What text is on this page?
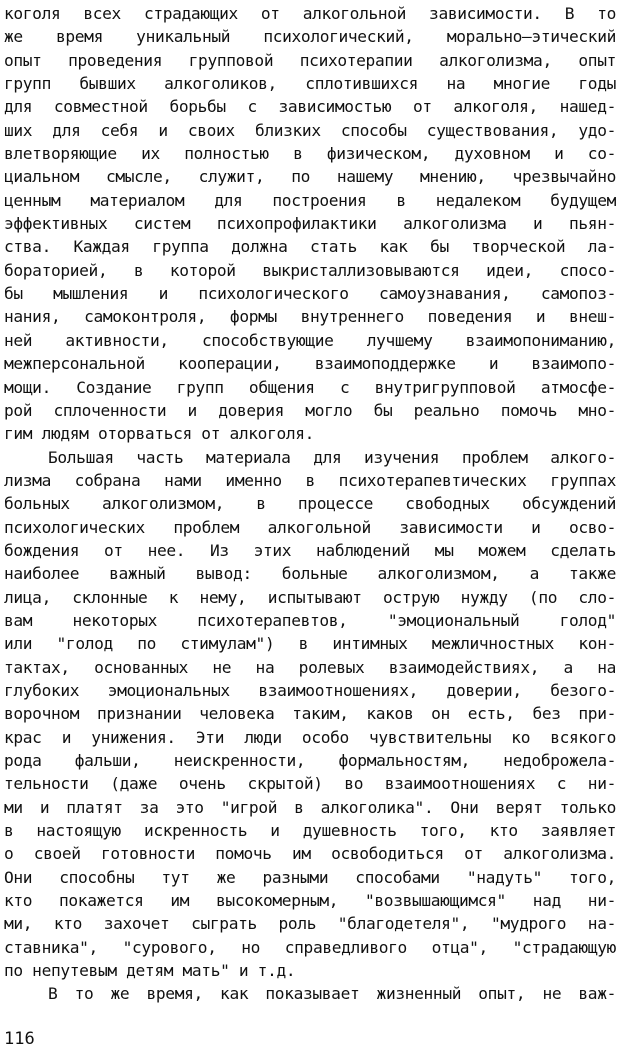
коголя всех страдающих от алкогольной зависимости. В то
же время уникальный психологический, морально—этический
опыт проведения групповой психотерапии алкоголизма, опыт
групп бывших алкоголиков, сплотившихся на многие годы
для совместной борьбы с зависимостью от алкоголя, нашед-
ших для себя и своих близких способы существования, удо-
влетворяющие их полностью в физическом, духовном и со-
циальном смысле, служит, по нашему мнению, чрезвычайно
ценным материалом для построения в недалеком будущем
эффективных систем психопрофилактики алкоголизма и пьян-
ства. Каждая группа должна стать как бы творческой ла-
бораторией, в которой выкристаллизовываются идеи, спосо-
бы мышления и психологического самоузнавания, самопоз-
нания, самоконтроля, формы внутреннего поведения и внеш-
ней активности, способствующие лучшему взаимопониманию,
межперсональной кооперации, взаимоподдержке и взаимопо-
мощи. Создание групп общения с внутригрупповой атмосфе-
рой сплоченности и доверия могло бы реально помочь мно-
гим людям оторваться от алкоголя.
Большая часть материала для изучения проблем алкого-
лизма собрана нами именно в психотерапевтических группах
больных алкоголизмом, в процессе свободных обсуждений
психологических проблем алкогольной зависимости и осво-
бождения от нее. Из этих наблюдений мы можем сделать
наиболее важный вывод: больные алкоголизмом, а также
лица, склонные к нему, испытывают острую нужду (по сло-
вам некоторых психотерапевтов, "эмоциональный голод"
или "голод по стимулам") в интимных межличностных кон-
тактах, основанных не на ролевых взаимодействиях, а на
глубоких эмоциональных взаимоотношениях, доверии, безого-
ворочном признании человека таким, каков он есть, без при-
крас и унижения. Эти люди особо чувствительны ко всякого
рода фальши, неискренности, формальностям, недоброжела-
тельности (даже очень скрытой) во взаимоотношениях с ни-
ми и платят за это "игрой в алкоголика". Они верят только
в настоящую искренность и душевность того, кто заявляет
о своей готовности помочь им освободиться от алкоголизма.
Они способны тут же разными способами "надуть" того,
кто покажется им высокомерным, "возвышающимся" над ни-
ми, кто захочет сыграть роль "благодетеля", "мудрого на-
ставника", "сурового, но справедливого отца", "страдающую
по непутевым детям мать" и т.д.
В то же время, как показывает жизненный опыт, не важ-
116
